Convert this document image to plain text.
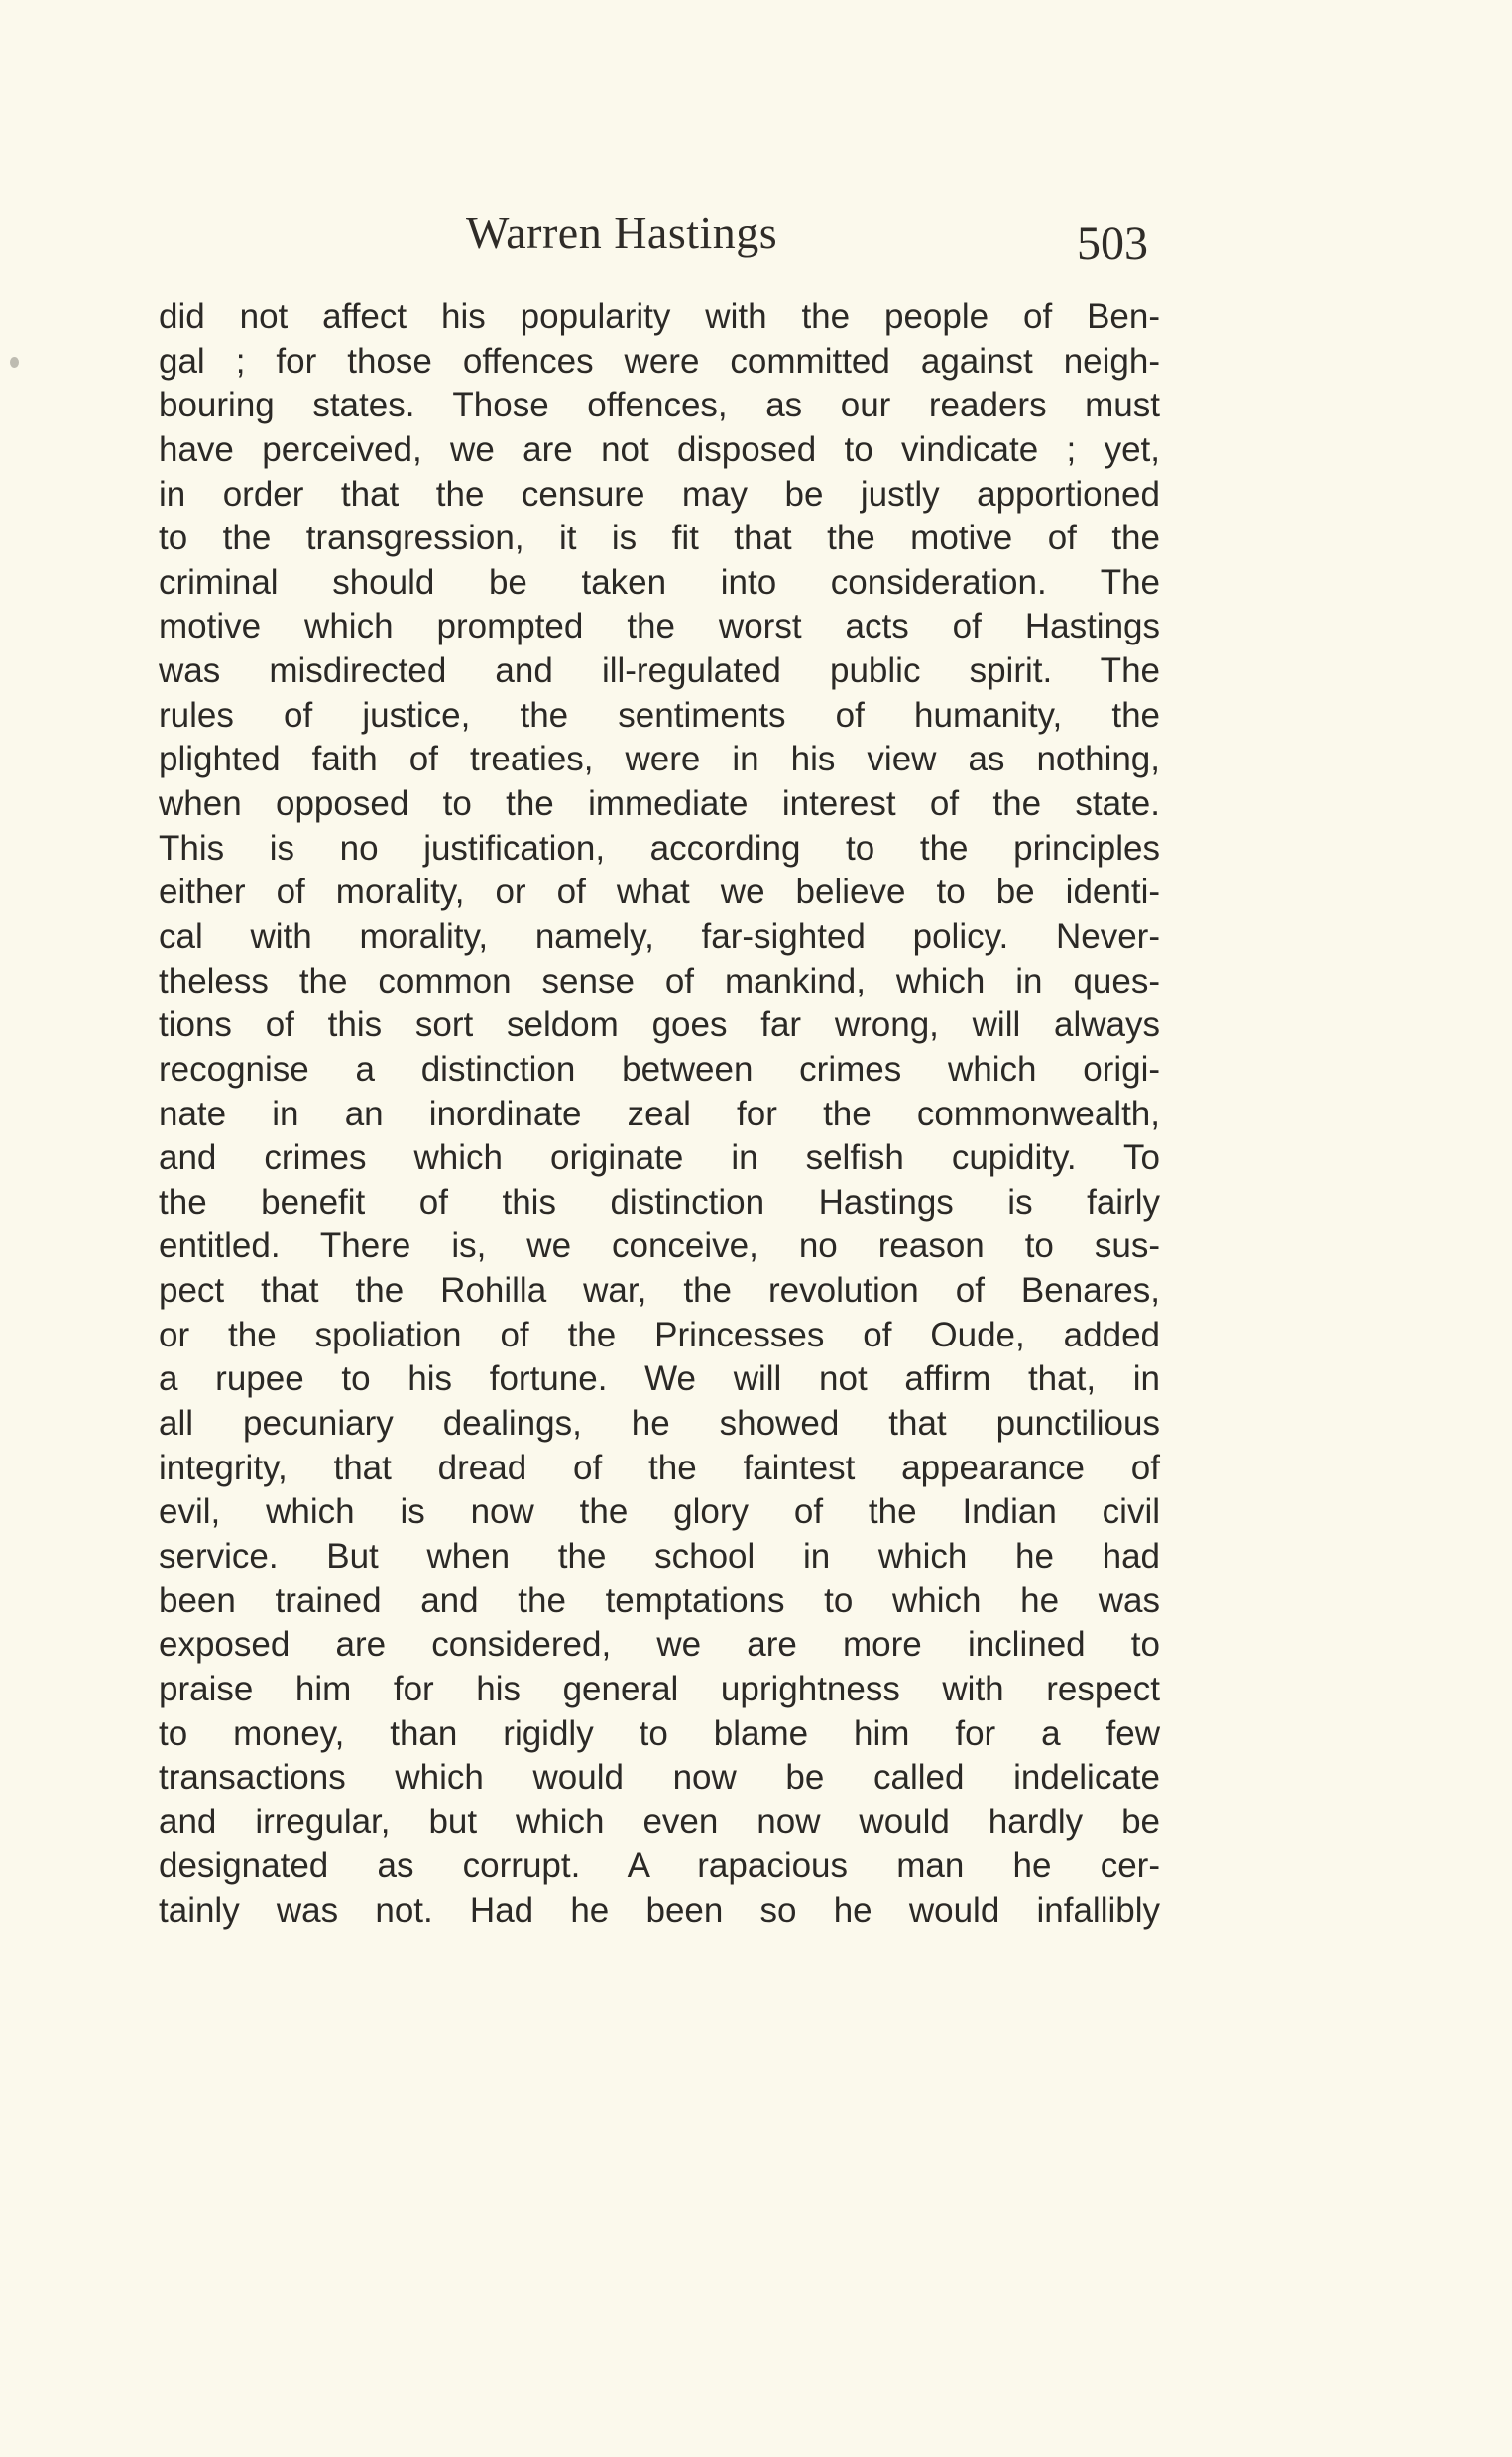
Warren Hastings	503
did not affect his popularity with the people of Ben-
gal ; for those offences were committed against neigh-
bouring states. Those offences, as our readers must
have perceived, we are not disposed to vindicate ; yet,
in order that the censure may be justly apportioned
to the transgression, it is fit that the motive of the
criminal should be taken into consideration. The
motive which prompted the worst acts of Hastings
was misdirected and ill-regulated public spirit. The
rules of justice, the sentiments of humanity, the
plighted faith of treaties, were in his view as nothing,
when opposed to the immediate interest of the state.
This is no justification, according to the principles
either of morality, or of what we believe to be identi-
cal with morality, namely, far-sighted policy. Never-
theless the common sense of mankind, which in ques-
tions of this sort seldom goes far wrong, will always
recognise a distinction between crimes which origi-
nate in an inordinate zeal for the commonwealth,
and crimes which originate in selfish cupidity. To
the benefit of this distinction Hastings is fairly
entitled. There is, we conceive, no reason to sus-
pect that the Rohilla war, the revolution of Benares,
or the spoliation of the Princesses of Oude, added
a rupee to his fortune. We will not affirm that, in
all pecuniary dealings, he showed that punctilious
integrity, that dread of the faintest appearance of
evil, which is now the glory of the Indian civil
service. But when the school in which he had
been trained and the temptations to which he was
exposed are considered, we are more inclined to
praise him for his general uprightness with respect
to money, than rigidly to blame him for a few
transactions which would now be called indelicate
and irregular, but which even now would hardly be
designated as corrupt. A rapacious man he cer-
tainly was not. Had he been so he would infallibly
